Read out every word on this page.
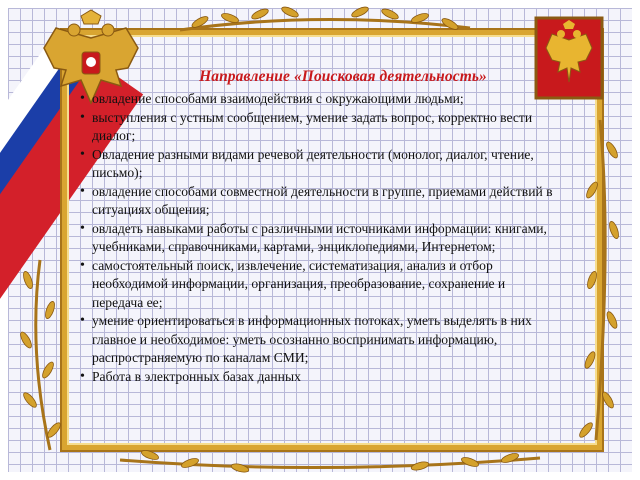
Направление «Поисковая деятельность»
• овладение способами взаимодействия с окружающими людьми;
• выступления с устным сообщением, умение задать вопрос, корректно вести диалог;
• Овладение разными видами речевой деятельности (монолог, диалог, чтение, письмо);
• овладение способами совместной деятельности в группе, приемами действий в ситуациях общения;
• овладеть навыками работы с различными источниками информации: книгами, учебниками, справочниками, картами, энциклопедиями, Интернетом;
• самостоятельный поиск, извлечение, систематизация, анализ и отбор необходимой информации, организация, преобразование, сохранение и передача ее;
• умение ориентироваться в информационных потоках, уметь выделять в них главное и необходимое: уметь осознанно воспринимать информацию, распространяемую по каналам СМИ;
• Работа в электронных базах данных
